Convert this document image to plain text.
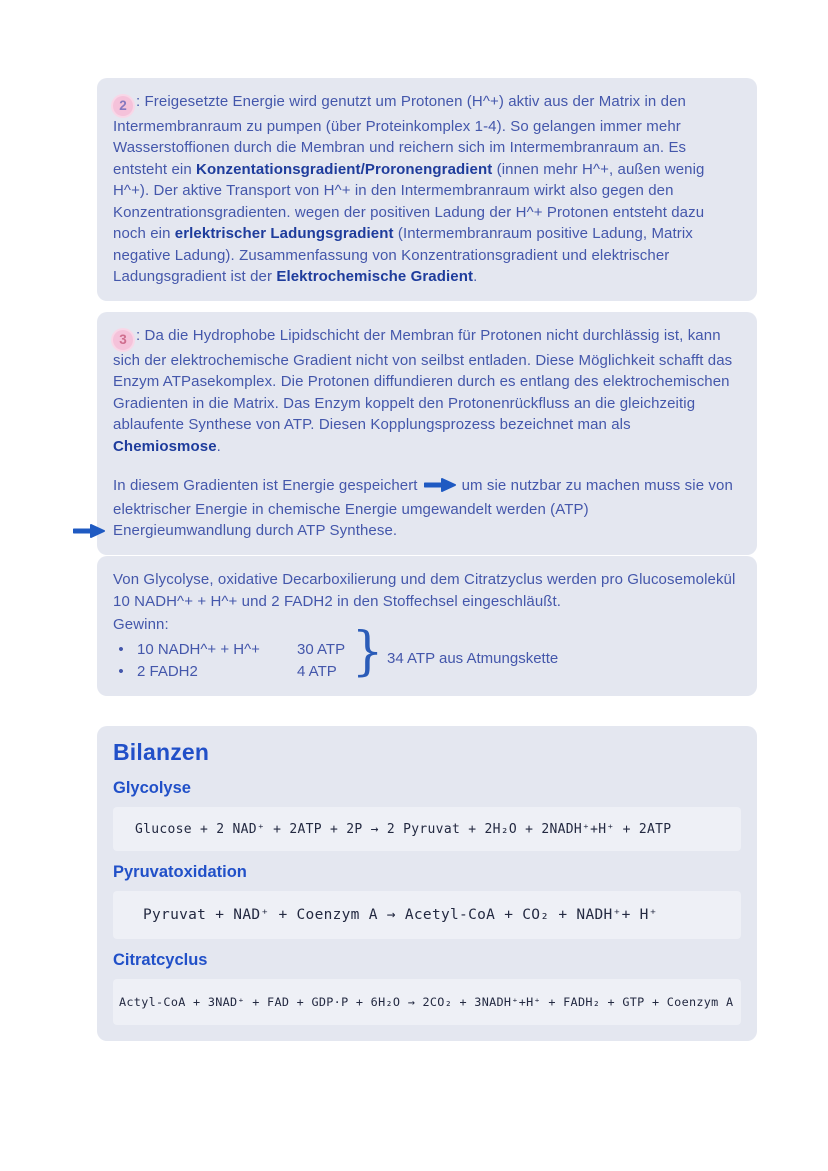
2 : Freigesetzte Energie wird genutzt um Protonen (H^+) aktiv aus der Matrix in den Intermembranraum zu pumpen (über Proteinkomplex 1-4). So gelangen immer mehr Wasserstoffionen durch die Membran und reichern sich im Intermembranraum an. Es entsteht ein Konzentationsgradient/Proronengradient (innen mehr H^+, außen wenig H^+). Der aktive Transport von H^+ in den Intermembranraum wirkt also gegen den Konzentrationsgradienten. wegen der positiven Ladung der H^+ Protonen entsteht dazu noch ein erlektrischer Ladungsgradient (Intermembranraum positive Ladung, Matrix negative Ladung). Zusammenfassung von Konzentrationsgradient und elektrischer Ladungsgradient ist der Elektrochemische Gradient.

3 : Da die Hydrophobe Lipidschicht der Membran für Protonen nicht durchlässig ist, kann sich der elektrochemische Gradient nicht von seilbst entladen. Diese Möglichkeit schafft das Enzym ATPasekomplex. Die Protonen diffundieren durch es entlang des elektrochemischen Gradienten in die Matrix. Das Enzym koppelt den Protonenrückfluss an die gleichzeitig ablaufente Synthese von ATP. Diesen Kopplungsprozess bezeichnet man als Chemiosmose.

In diesem Gradienten ist Energie gespeichert	um sie nutzbar zu machen muss sie von elektrischer Energie in chemische Energie umgewandelt werden (ATP)

Energieumwandlung durch ATP Synthese.

Von Glycolyse, oxidative Decarboxilierung und dem Citratzyclus werden pro Glucosemolekül 10 NADH^+ + H^+ und 2 FADH2 in den Stoffechsel eingeschläußt.

Gewinn:

• 10 NADH^+ + H^+	30 ATP
• 2 FADH2	4 ATP } 34 ATP aus Atmungskette
Bilanzen
Glycolyse
Glucose + 2 NAD⁺ + 2ATP + 2P → 2 Pyruvat + 2H₂O + 2NADH⁺+H⁺ + 2ATP
Pyruvatoxidation
Pyruvat + NAD⁺ + Coenzym A → Acetyl-CoA + CO₂ + NADH⁺+ H⁺
Citratcyclus
Actyl-CoA + 3NAD⁺ + FAD + GDP·P + 6H₂O → 2CO₂ + 3NADH⁺+H⁺ + FADH₂ + GTP + Coenzym A
